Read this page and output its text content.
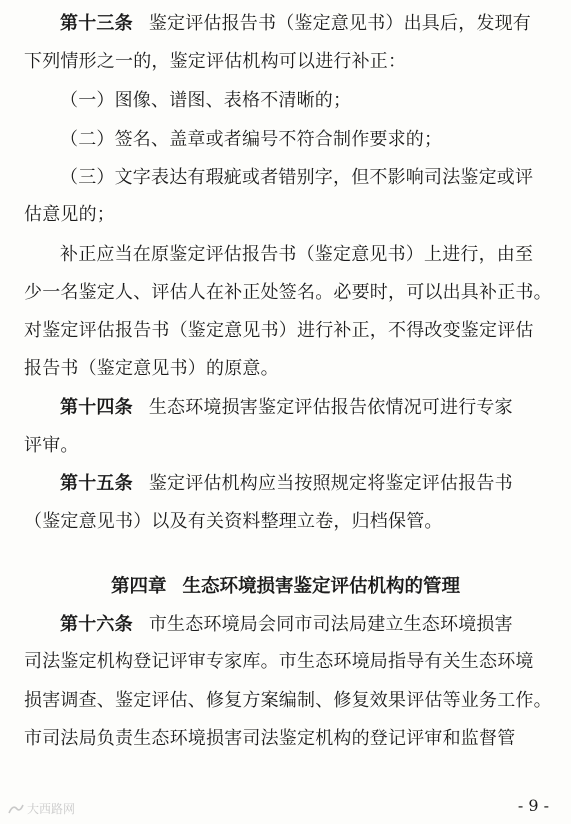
第十三条 鉴定评估报告书（鉴定意见书）出具后，发现有
下列情形之一的，鉴定评估机构可以进行补正：
（一）图像、谱图、表格不清晰的；
（二）签名、盖章或者编号不符合制作要求的；
（三）文字表达有瑕疵或者错别字，但不影响司法鉴定或评
估意见的；
补正应当在原鉴定评估报告书（鉴定意见书）上进行，由至
少一名鉴定人、评估人在补正处签名。必要时，可以出具补正书。
对鉴定评估报告书（鉴定意见书）进行补正，不得改变鉴定评估
报告书（鉴定意见书）的原意。
第十四条 生态环境损害鉴定评估报告依情况可进行专家
评审。
第十五条 鉴定评估机构应当按照规定将鉴定评估报告书
（鉴定意见书）以及有关资料整理立卷，归档保管。
第四章 生态环境损害鉴定评估机构的管理
第十六条 市生态环境局会同市司法局建立生态环境损害
司法鉴定机构登记评审专家库。市生态环境局指导有关生态环境
损害调查、鉴定评估、修复方案编制、修复效果评估等业务工作。
市司法局负责生态环境损害司法鉴定机构的登记评审和监督管
大西路网	- 9 -
